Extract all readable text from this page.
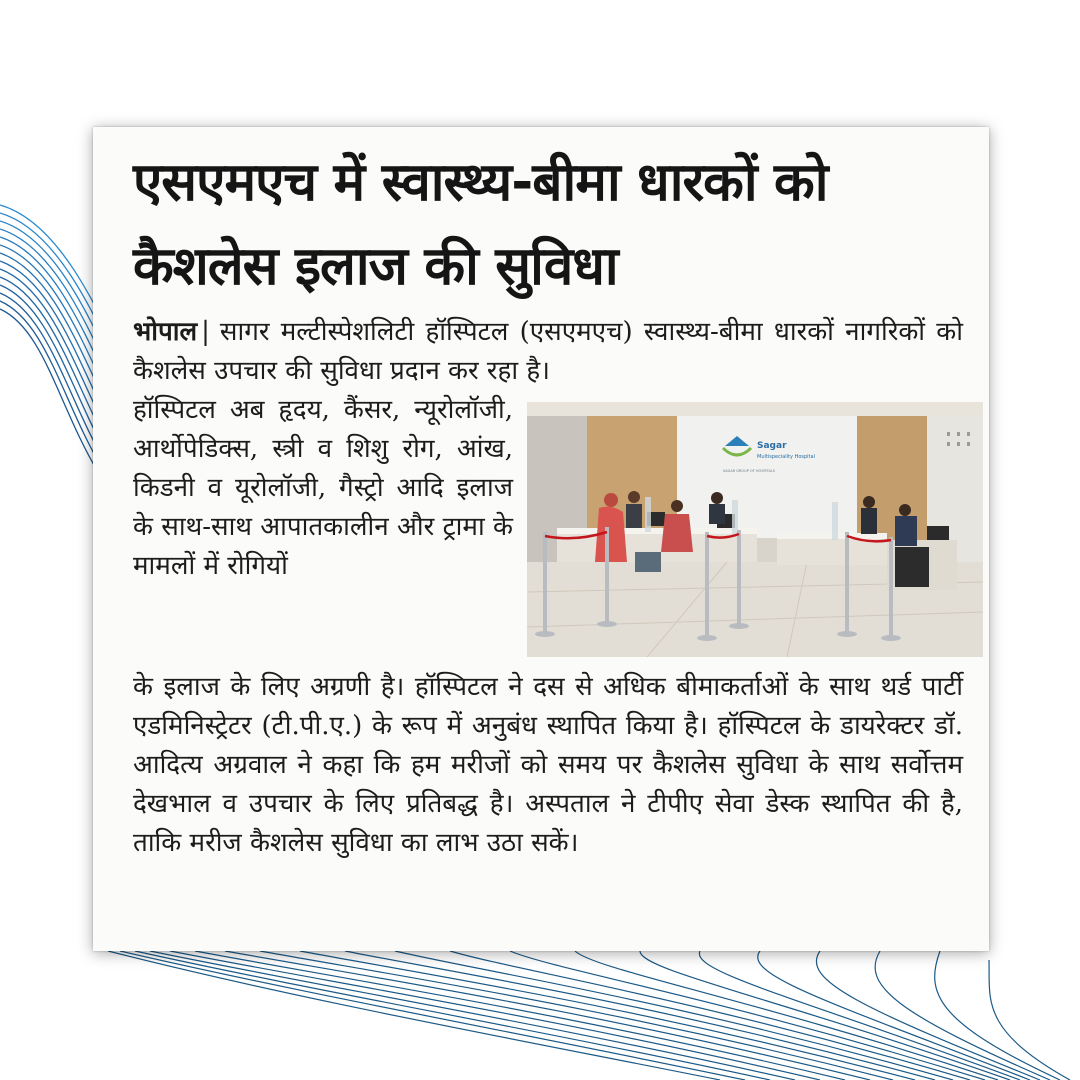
एसएमएच में स्वास्थ्य-बीमा धारकों को
कैशलेस इलाज की सुविधा

भोपाल | सागर मल्टीस्पेशलिटी हॉस्पिटल (एसएमएच) स्वास्थ्य-बीमा धारकों नागरिकों को कैशलेस उपचार की सुविधा प्रदान कर रहा है।

हॉस्पिटल अब हृदय, कैंसर, न्यूरोलॉजी, आर्थोपेडिक्स, स्त्री व शिशु रोग, आंख, किडनी व यूरोलॉजी, गैस्ट्रो आदि इलाज के साथ-साथ आपातकालीन और ट्रामा के मामलों में रोगियों

Sagar
Multispeciality Hospital
SAGAR GROUP OF HOSPITALS

के इलाज के लिए अग्रणी है। हॉस्पिटल ने दस से अधिक बीमाकर्ताओं के साथ थर्ड पार्टी एडमिनिस्ट्रेटर (टी.पी.ए.) के रूप में अनुबंध स्थापित किया है। हॉस्पिटल के डायरेक्टर डॉ. आदित्य अग्रवाल ने कहा कि हम मरीजों को समय पर कैशलेस सुविधा के साथ सर्वोत्तम देखभाल व उपचार के लिए प्रतिबद्ध है। अस्पताल ने टीपीए सेवा डेस्क स्थापित की है, ताकि मरीज कैशलेस सुविधा का लाभ उठा सकें।
